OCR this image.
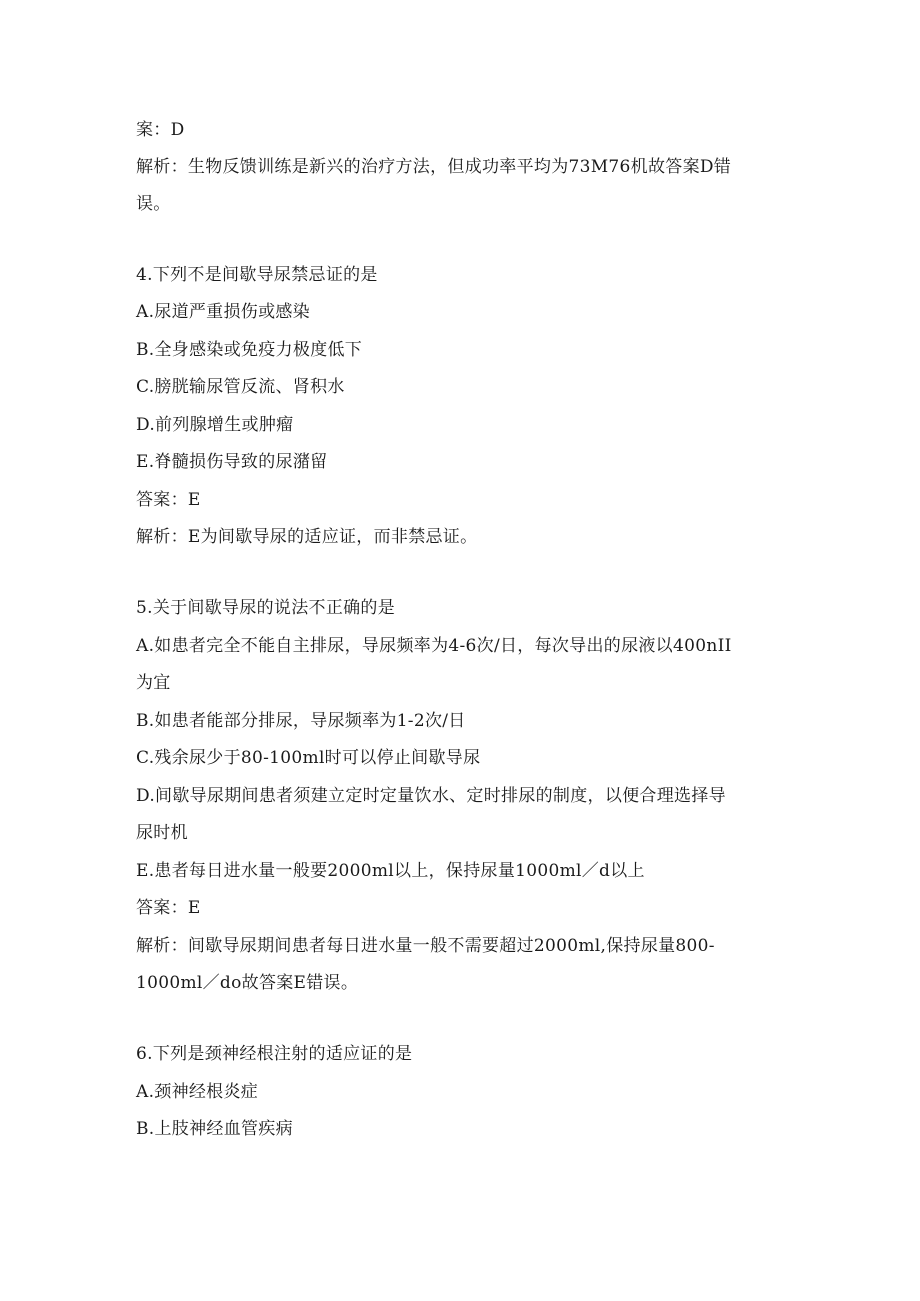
案：D
解析：生物反馈训练是新兴的治疗方法，但成功率平均为73M76机故答案D错
误。
4.下列不是间歇导尿禁忌证的是
A.尿道严重损伤或感染
B.全身感染或免疫力极度低下
C.膀胱输尿管反流、肾积水
D.前列腺增生或肿瘤
E.脊髓损伤导致的尿潴留
答案：E
解析：E为间歇导尿的适应证，而非禁忌证。
5.关于间歇导尿的说法不正确的是
A.如患者完全不能自主排尿，导尿频率为4-6次/日，每次导出的尿液以400nII
为宜
B.如患者能部分排尿，导尿频率为1-2次/日
C.残余尿少于80-100ml时可以停止间歇导尿
D.间歇导尿期间患者须建立定时定量饮水、定时排尿的制度，以便合理选择导
尿时机
E.患者每日进水量一般要2000ml以上，保持尿量1000ml／d以上
答案：E
解析：间歇导尿期间患者每日进水量一般不需要超过2000ml,保持尿量800-
1000ml／do故答案E错误。
6.下列是颈神经根注射的适应证的是
A.颈神经根炎症
B.上肢神经血管疾病
